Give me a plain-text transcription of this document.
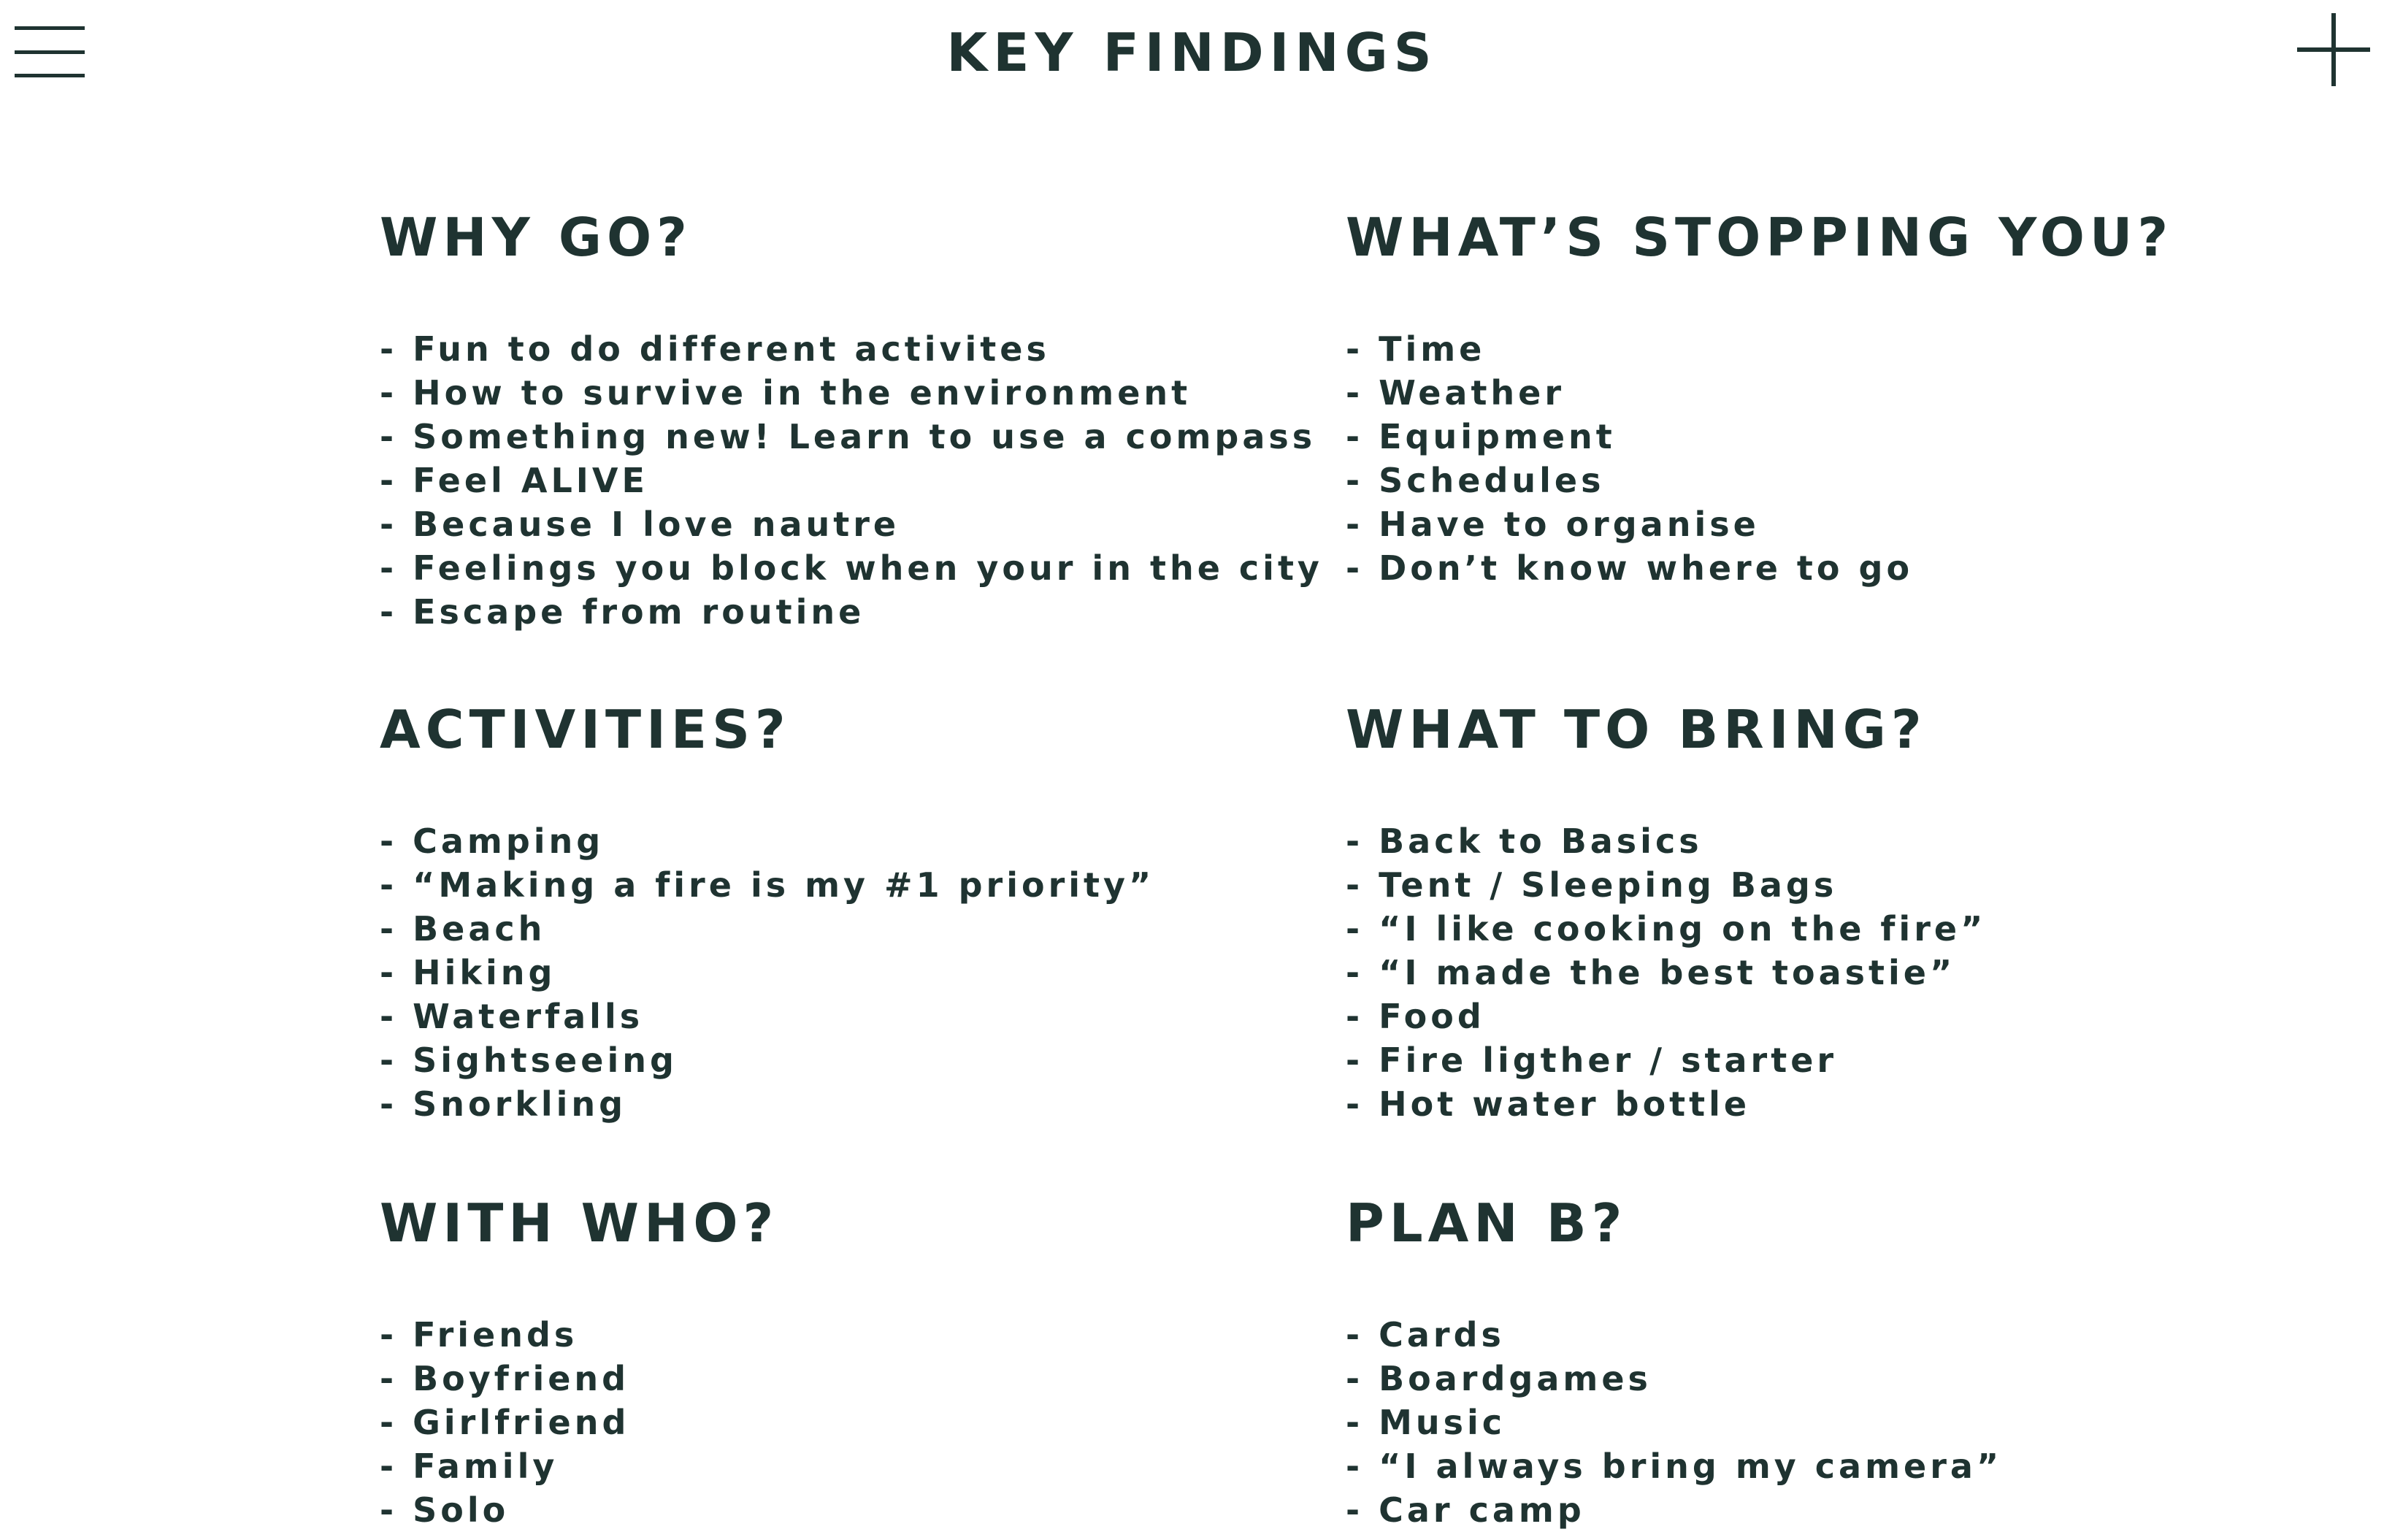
KEY FINDINGS
WHY GO?
- Fun to do different activites
- How to survive in the environment
- Something new! Learn to use a compass
- Feel ALIVE
- Because I love nautre
- Feelings you block when your in the city
- Escape from routine
WHAT’S STOPPING YOU?
- Time
- Weather
- Equipment
- Schedules
- Have to organise
- Don’t know where to go
ACTIVITIES?
- Camping
- “Making a fire is my #1 priority”
- Beach
- Hiking
- Waterfalls
- Sightseeing
- Snorkling
WHAT TO BRING?
- Back to Basics
- Tent / Sleeping Bags
- “I like cooking on the fire”
- “I made the best toastie”
- Food
- Fire ligther / starter
- Hot water bottle
WITH WHO?
- Friends
- Boyfriend
- Girlfriend
- Family
- Solo
PLAN B?
- Cards
- Boardgames
- Music
- “I always bring my camera”
- Car camp
